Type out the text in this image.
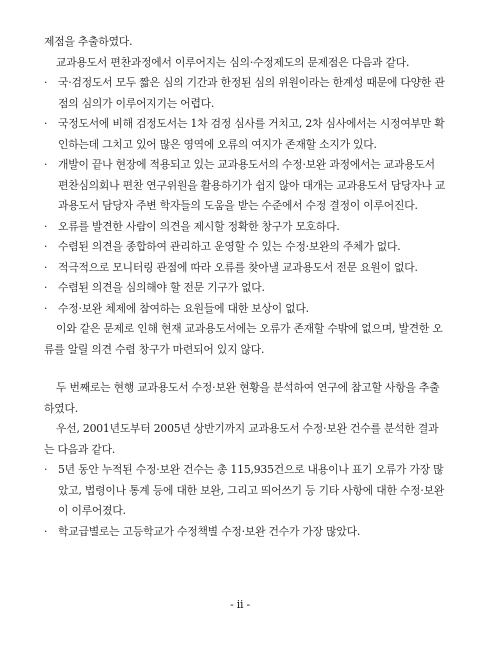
제점을 추출하였다.

교과용도서 편찬과정에서 이루어지는 심의·수정제도의 문제점은 다음과 같다.

· 국·검정도서 모두 짧은 심의 기간과 한정된 심의 위원이라는 한계성 때문에 다양한 관점의 심의가 이루어지기는 어렵다.
· 국정도서에 비해 검정도서는 1차 검정 심사를 거치고, 2차 심사에서는 시정여부만 확인하는데 그치고 있어 많은 영역에 오류의 여지가 존재할 소지가 있다.
· 개발이 끝나 현장에 적용되고 있는 교과용도서의 수정·보완 과정에서는 교과용도서 편찬심의회나 편찬 연구위원을 활용하기가 쉽지 않아 대개는 교과용도서 담당자나 교과용도서 담당자 주변 학자들의 도움을 받는 수준에서 수정 결정이 이루어진다.
· 오류를 발견한 사람이 의견을 제시할 정확한 창구가 모호하다.
· 수렴된 의견을 종합하여 관리하고 운영할 수 있는 수정·보완의 주체가 없다.
· 적극적으로 모니터링 관점에 따라 오류를 찾아낼 교과용도서 전문 요원이 없다.
· 수렴된 의견을 심의해야 할 전문 기구가 없다.
· 수정·보완 체제에 참여하는 요원들에 대한 보상이 없다.

이와 같은 문제로 인해 현재 교과용도서에는 오류가 존재할 수밖에 없으며, 발견한 오류를 알릴 의견 수렴 창구가 마련되어 있지 않다.

두 번째로는 현행 교과용도서 수정·보완 현황을 분석하여 연구에 참고할 사항을 추출하였다.

우선, 2001년도부터 2005년 상반기까지 교과용도서 수정·보완 건수를 분석한 결과는 다음과 같다.

· 5년 동안 누적된 수정·보완 건수는 총 115,935건으로 내용이나 표기 오류가 가장 많았고, 법령이나 통계 등에 대한 보완, 그리고 띄어쓰기 등 기타 사항에 대한 수정·보완이 이루어졌다.
· 학교급별로는 고등학교가 수정책별 수정·보완 건수가 가장 많았다.
- ii -
